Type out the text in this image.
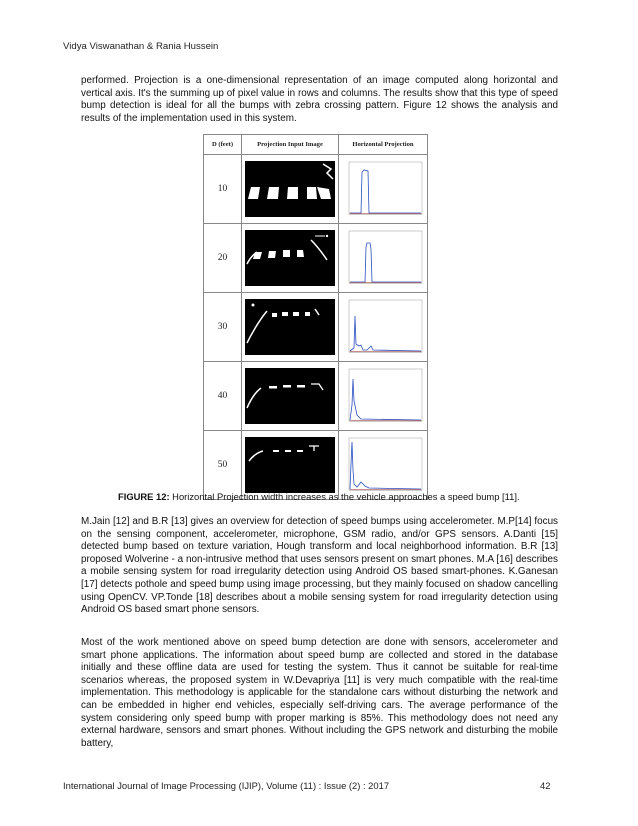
Vidya Viswanathan & Rania Hussein

performed. Projection is a one-dimensional representation of an image computed along horizontal and vertical axis. It's the summing up of pixel value in rows and columns. The results show that this type of speed bump detection is ideal for all the bumps with zebra crossing pattern. Figure 12 shows the analysis and results of the implementation used in this system.

D (feet)	Projection Input Image	Horizontal Projection
10	

20	

30	

40	

50	

FIGURE 12: Horizontal Projection width increases as the vehicle approaches a speed bump [11].

M.Jain [12] and B.R [13] gives an overview for detection of speed bumps using accelerometer. M.P[14] focus on the sensing component, accelerometer, microphone, GSM radio, and/or GPS sensors. A.Danti [15] detected bump based on texture variation, Hough transform and local neighborhood information. B.R [13] proposed Wolverine - a non-intrusive method that uses sensors present on smart phones. M.A [16] describes a mobile sensing system for road irregularity detection using Android OS based smart-phones. K.Ganesan [17] detects pothole and speed bump using image processing, but they mainly focused on shadow cancelling using OpenCV. VP.Tonde [18] describes about a mobile sensing system for road irregularity detection using Android OS based smart phone sensors.

Most of the work mentioned above on speed bump detection are done with sensors, accelerometer and smart phone applications. The information about speed bump are collected and stored in the database initially and these offline data are used for testing the system. Thus it cannot be suitable for real-time scenarios whereas, the proposed system in W.Devapriya [11] is very much compatible with the real-time implementation. This methodology is applicable for the standalone cars without disturbing the network and can be embedded in higher end vehicles, especially self-driving cars. The average performance of the system considering only speed bump with proper marking is 85%. This methodology does not need any external hardware, sensors and smart phones. Without including the GPS network and disturbing the mobile battery,

International Journal of Image Processing (IJIP), Volume (11) : Issue (2) : 2017	42
